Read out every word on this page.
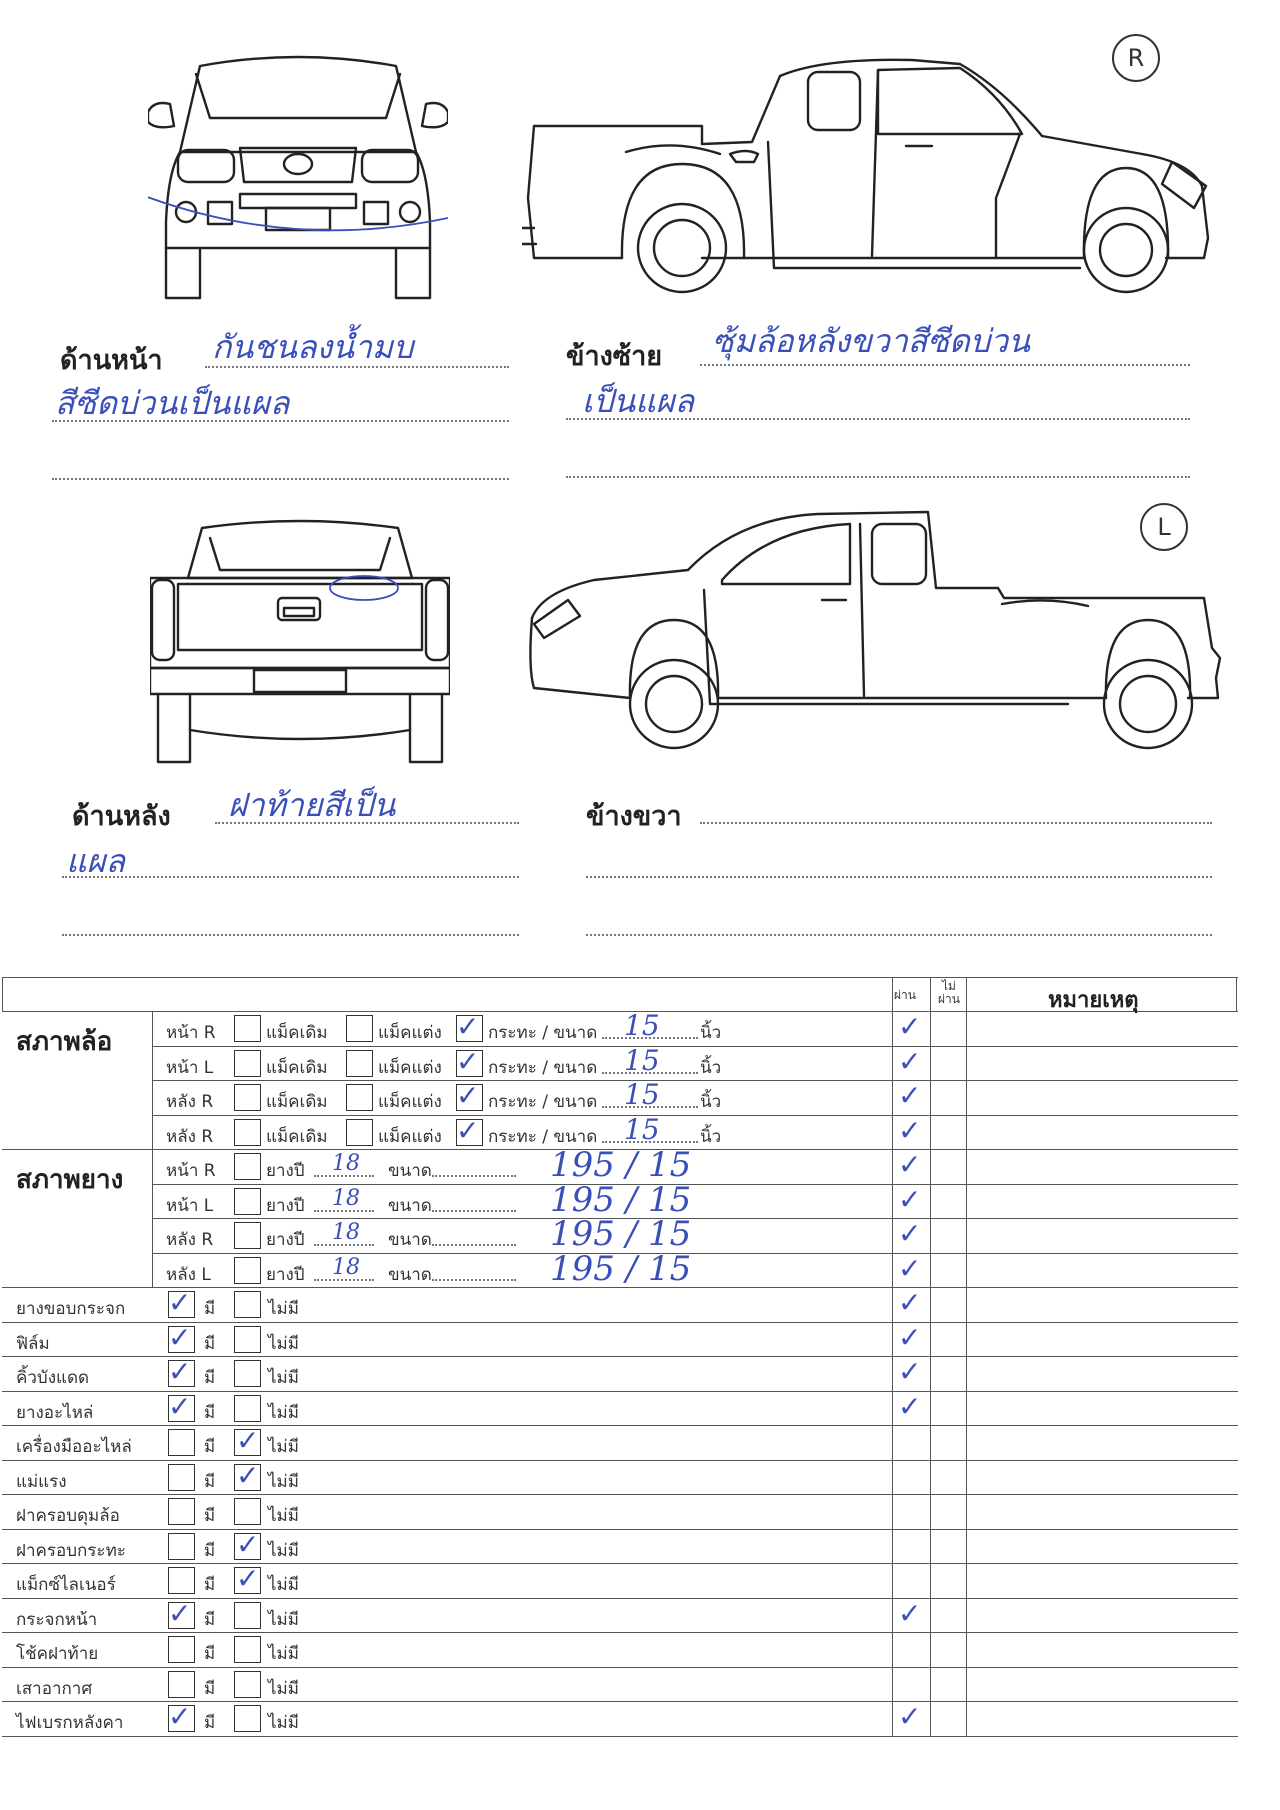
R
L
ด้านหน้า กันชนลงน้ำมบ
สีซีดบ่วนเป็นแผล
ข้างซ้าย ซุ้มล้อหลังขวาสีซีดบ่วน
เป็นแผล
ด้านหลัง ฝาท้ายสีเป็น
แผล
ข้างขวา
ผ่าน
ไม่ผ่าน	หมายเหตุ
สภาพล้อ
สภาพยาง
หน้า R	แม็คเดิม	แม็คแต่ง ✓ กระทะ / ขนาด 15 นิ้ว	✓
หน้า L	แม็คเดิม	แม็คแต่ง ✓ กระทะ / ขนาด 15 นิ้ว	✓
หลัง R	แม็คเดิม	แม็คแต่ง ✓ กระทะ / ขนาด 15 นิ้ว	✓
หลัง R	แม็คเดิม	แม็คแต่ง ✓ กระทะ / ขนาด 15 นิ้ว	✓
หน้า R	ยางปี 18 ขนาด	195 / 15	✓
หน้า L	ยางปี 18 ขนาด	195 / 15	✓
หลัง R	ยางปี 18 ขนาด	195 / 15	✓
หลัง L	ยางปี 18 ขนาด	195 / 15	✓
ยางขอบกระจก ✓ มี	ไม่มี	✓
ฟิล์ม	✓ มี	ไม่มี	✓
คิ้วบังแดด	✓ มี	ไม่มี	✓
ยางอะไหล่	✓ มี	ไม่มี	✓
เครื่องมืออะไหล่	มี ✓ ไม่มี
แม่แรง	มี ✓ ไม่มี
ฝาครอบดุมล้อ	มี	ไม่มี
ฝาครอบกระทะ	มี ✓ ไม่มี
แม็กซ์ไลเนอร์	มี ✓ ไม่มี
กระจกหน้า	✓ มี	ไม่มี	✓
โช้คฝาท้าย	มี	ไม่มี
เสาอากาศ	มี	ไม่มี
ไฟเบรกหลังคา ✓ มี	ไม่มี	✓
